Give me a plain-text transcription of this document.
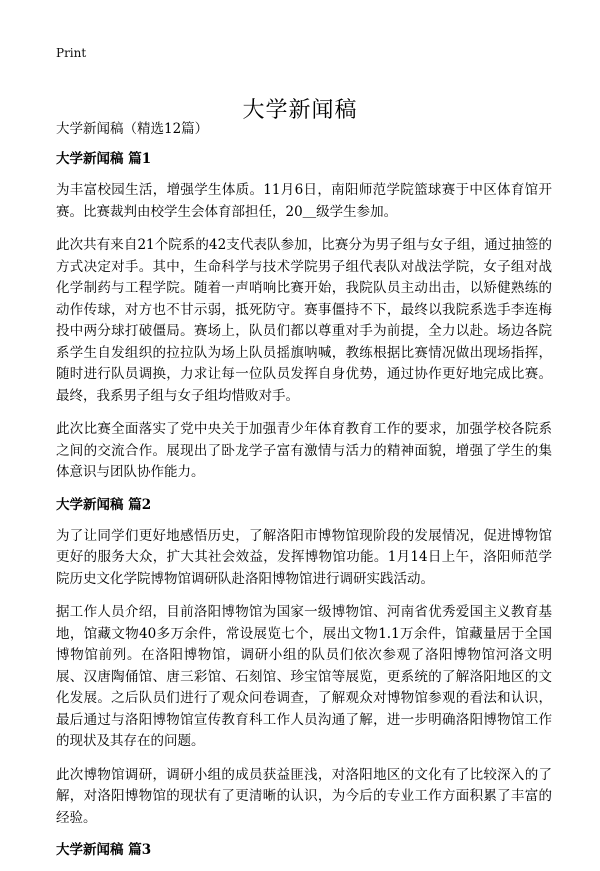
Print
大学新闻稿

大学新闻稿（精选12篇）

大学新闻稿 篇1

为丰富校园生活，增强学生体质。11月6日，南阳师范学院篮球赛于中区体育馆开赛。比赛裁判由校学生会体育部担任，20＿级学生参加。

此次共有来自21个院系的42支代表队参加，比赛分为男子组与女子组，通过抽签的方式决定对手。其中，生命科学与技术学院男子组代表队对战法学院，女子组对战化学制药与工程学院。随着一声哨响比赛开始，我院队员主动出击，以矫健熟练的动作传球，对方也不甘示弱，抵死防守。赛事僵持不下，最终以我院系选手李连梅投中两分球打破僵局。赛场上，队员们都以尊重对手为前提，全力以赴。场边各院系学生自发组织的拉拉队为场上队员摇旗呐喊，教练根据比赛情况做出现场指挥，随时进行队员调换，力求让每一位队员发挥自身优势，通过协作更好地完成比赛。最终，我系男子组与女子组均惜败对手。

此次比赛全面落实了党中央关于加强青少年体育教育工作的要求，加强学校各院系之间的交流合作。展现出了卧龙学子富有激情与活力的精神面貌，增强了学生的集体意识与团队协作能力。

大学新闻稿 篇2

为了让同学们更好地感悟历史，了解洛阳市博物馆现阶段的发展情况，促进博物馆更好的服务大众，扩大其社会效益，发挥博物馆功能。1月14日上午，洛阳师范学院历史文化学院博物馆调研队赴洛阳博物馆进行调研实践活动。

据工作人员介绍，目前洛阳博物馆为国家一级博物馆、河南省优秀爱国主义教育基地，馆藏文物40多万余件，常设展览七个，展出文物1.1万余件，馆藏量居于全国博物馆前列。在洛阳博物馆，调研小组的队员们依次参观了洛阳博物馆河洛文明展、汉唐陶俑馆、唐三彩馆、石刻馆、珍宝馆等展览，更系统的了解洛阳地区的文化发展。之后队员们进行了观众问卷调查，了解观众对博物馆参观的看法和认识，最后通过与洛阳博物馆宣传教育科工作人员沟通了解，进一步明确洛阳博物馆工作的现状及其存在的问题。

此次博物馆调研，调研小组的成员获益匪浅，对洛阳地区的文化有了比较深入的了解，对洛阳博物馆的现状有了更清晰的认识，为今后的专业工作方面积累了丰富的经验。

大学新闻稿 篇3
